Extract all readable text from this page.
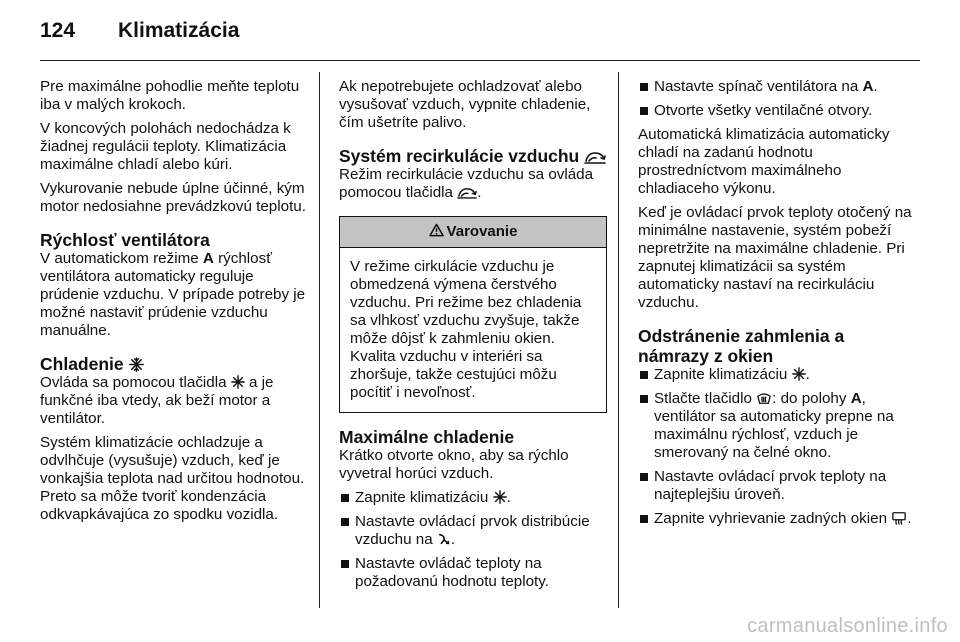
124	Klimatizácia

Pre maximálne pohodlie meňte teplotu iba v malých krokoch.

V koncových polohách nedochádza k žiadnej regulácii teploty. Klimatizácia maximálne chladí alebo kúri.

Vykurovanie nebude úplne účinné, kým motor nedosiahne prevádzkovú teplotu.

Rýchlosť ventilátora

V automatickom režime A rýchlosť ventilátora automaticky reguluje prúdenie vzduchu. V prípade potreby je možné nastaviť prúdenie vzduchu manuálne.

Chladenie

Ovláda sa pomocou tlačidla
a je funkčné iba vtedy, ak beží motor a ventilátor.

Systém klimatizácie ochladzuje a odvlhčuje (vysušuje) vzduch, keď je vonkajšia teplota nad určitou hodnotou. Preto sa môže tvoriť kondenzácia odkvapkávajúca zo spodku vozidla.

Ak nepotrebujete ochladzovať alebo vysušovať vzduch, vypnite chladenie, čím ušetríte palivo.

Systém recirkulácie vzduchu

Režim recirkulácie vzduchu sa ovláda pomocou tlačidla
.

Varovanie
V režime cirkulácie vzduchu je obmedzená výmena čerstvého vzduchu. Pri režime bez chladenia sa vlhkosť vzduchu zvyšuje, takže môže dôjsť k zahmleniu okien. Kvalita vzduchu v interiéri sa zhoršuje, takže cestujúci môžu pocítiť i nevoľnosť.
Maximálne chladenie

Krátko otvorte okno, aby sa rýchlo vyvetral horúci vzduch.

Zapnite klimatizáciu
.
Nastavte ovládací prvok distribúcie vzduchu na
.
Nastavte ovládač teploty na požadovanú hodnotu teploty.
Nastavte spínač ventilátora na A.
Otvorte všetky ventilačné otvory.

Automatická klimatizácia automaticky chladí na zadanú hodnotu prostredníctvom maximálneho chladiaceho výkonu.

Keď je ovládací prvok teploty otočený na minimálne nastavenie, systém pobeží nepretržite na maximálne chladenie. Pri zapnutej klimatizácii sa systém automaticky nastaví na recirkuláciu vzduchu.

Odstránenie zahmlenia a námrazy z okien
Zapnite klimatizáciu
.
Stlačte tlačidlo
: do polohy A, ventilátor sa automaticky prepne na maximálnu rýchlosť, vzduch je smerovaný na čelné okno.
Nastavte ovládací prvok teploty na najteplejšiu úroveň.
Zapnite vyhrievanie zadných okien
.
carmanualsonline.info
